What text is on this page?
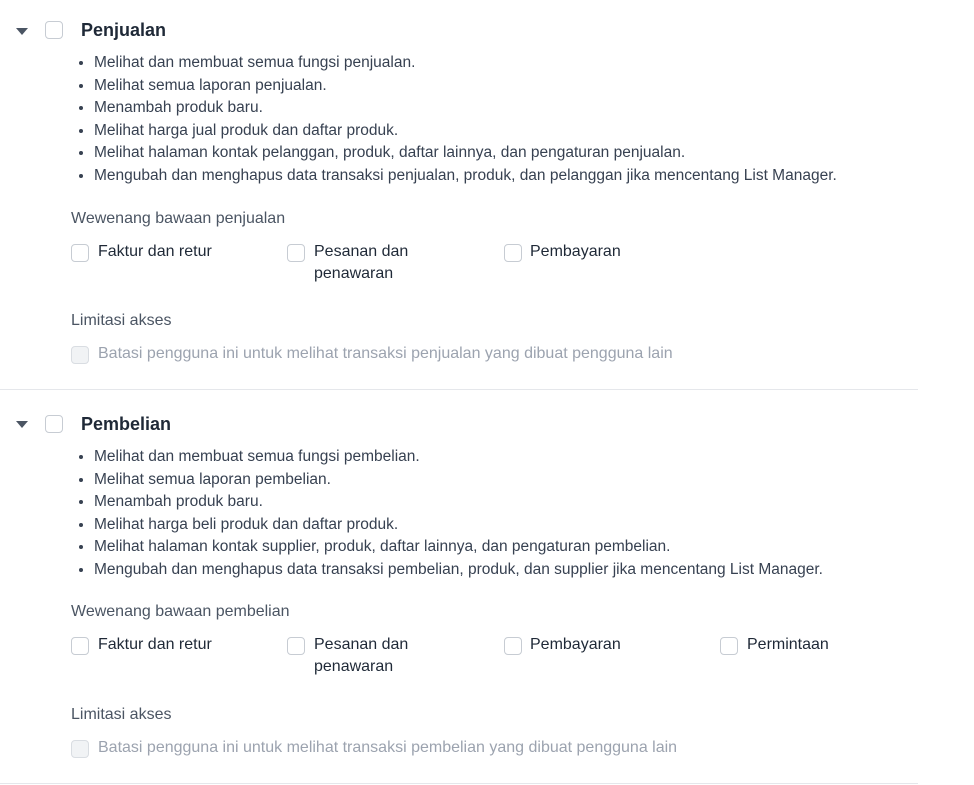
Penjualan
• Melihat dan membuat semua fungsi penjualan.
• Melihat semua laporan penjualan.
• Menambah produk baru.
• Melihat harga jual produk dan daftar produk.
• Melihat halaman kontak pelanggan, produk, daftar lainnya, dan pengaturan penjualan.
• Mengubah dan menghapus data transaksi penjualan, produk, dan pelanggan jika mencentang List Manager.
Wewenang bawaan penjualan
Faktur dan retur	Pesanan dan penawaran
Pembayaran
Limitasi akses
Batasi pengguna ini untuk melihat transaksi penjualan yang dibuat pengguna lain
Pembelian
• Melihat dan membuat semua fungsi pembelian.
• Melihat semua laporan pembelian.
• Menambah produk baru.
• Melihat harga beli produk dan daftar produk.
• Melihat halaman kontak supplier, produk, daftar lainnya, dan pengaturan pembelian.
• Mengubah dan menghapus data transaksi pembelian, produk, dan supplier jika mencentang List Manager.
Wewenang bawaan pembelian
Faktur dan retur	Pesanan dan penawaran
Pembayaran	Permintaan
Limitasi akses
Batasi pengguna ini untuk melihat transaksi pembelian yang dibuat pengguna lain
